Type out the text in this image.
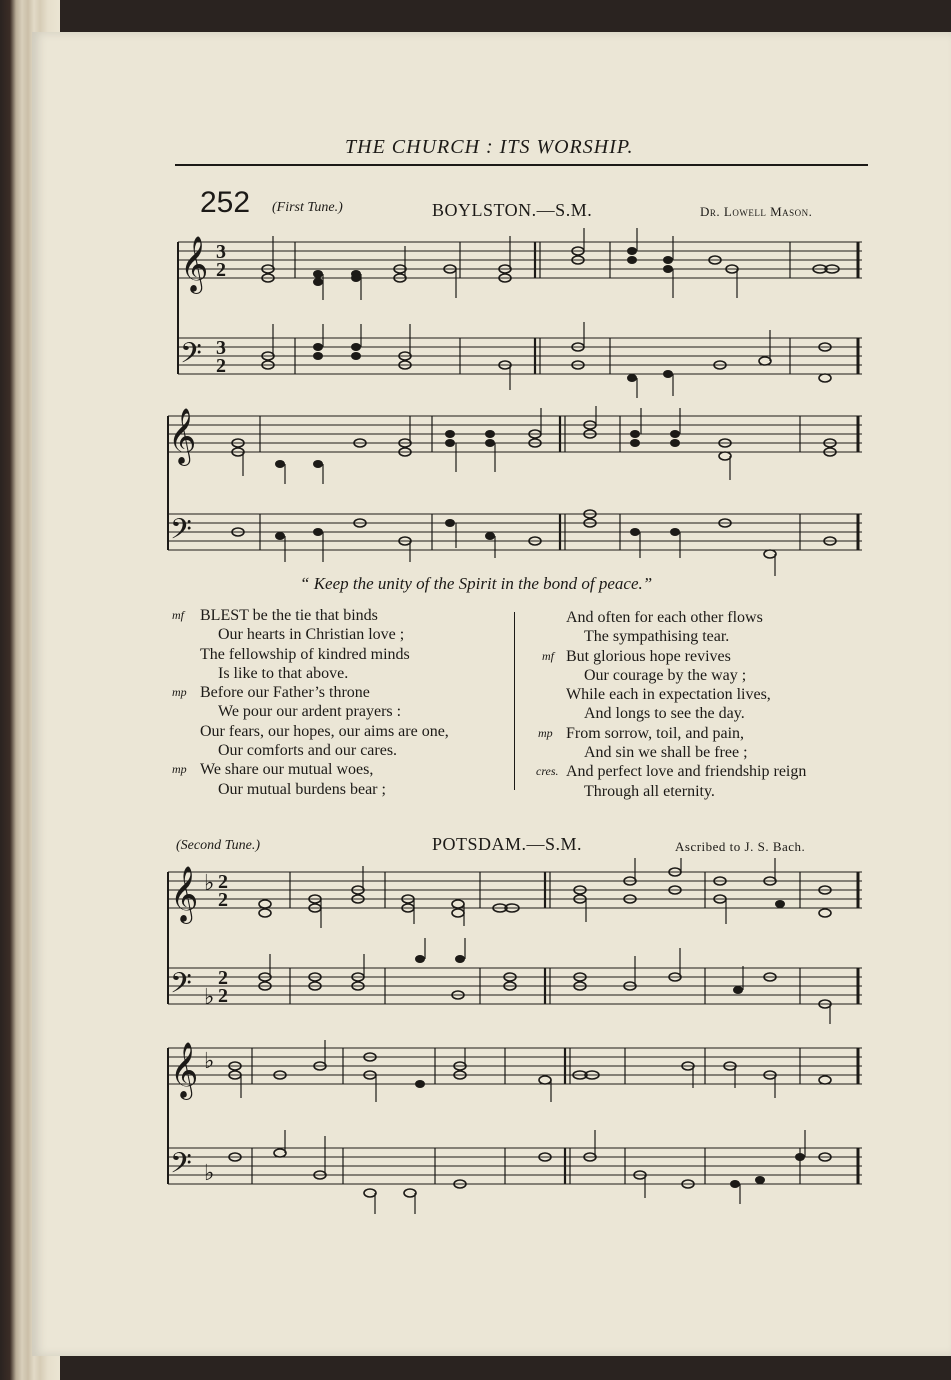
THE CHURCH : ITS WORSHIP.
252 (First Tune.)	BOYLSTON.—S.M.	Dr. Lowell Mason.
𝄞
𝄢
𝄞
𝄢
3
2
3
2
“ Keep the unity of the Spirit in the bond of peace.”
mf BLEST be the tie that binds
Our hearts in Christian love ;
The fellowship of kindred minds
Is like to that above.
mp Before our Father’s throne
We pour our ardent prayers :
Our fears, our hopes, our aims are one,
Our comforts and our cares.
mp We share our mutual woes,
Our mutual burdens bear ;
And often for each other flows
The sympathising tear.
mf But glorious hope revives
Our courage by the way ;
While each in expectation lives,
And longs to see the day.
mp From sorrow, toil, and pain,
And sin we shall be free ;
cres. And perfect love and friendship reign
Through all eternity.
(Second Tune.)	POTSDAM.—S.M.	Ascribed to J. S. Bach.
𝄞
𝄢
𝄞
𝄢
♭
♭
♭
♭
2
2
2
2
